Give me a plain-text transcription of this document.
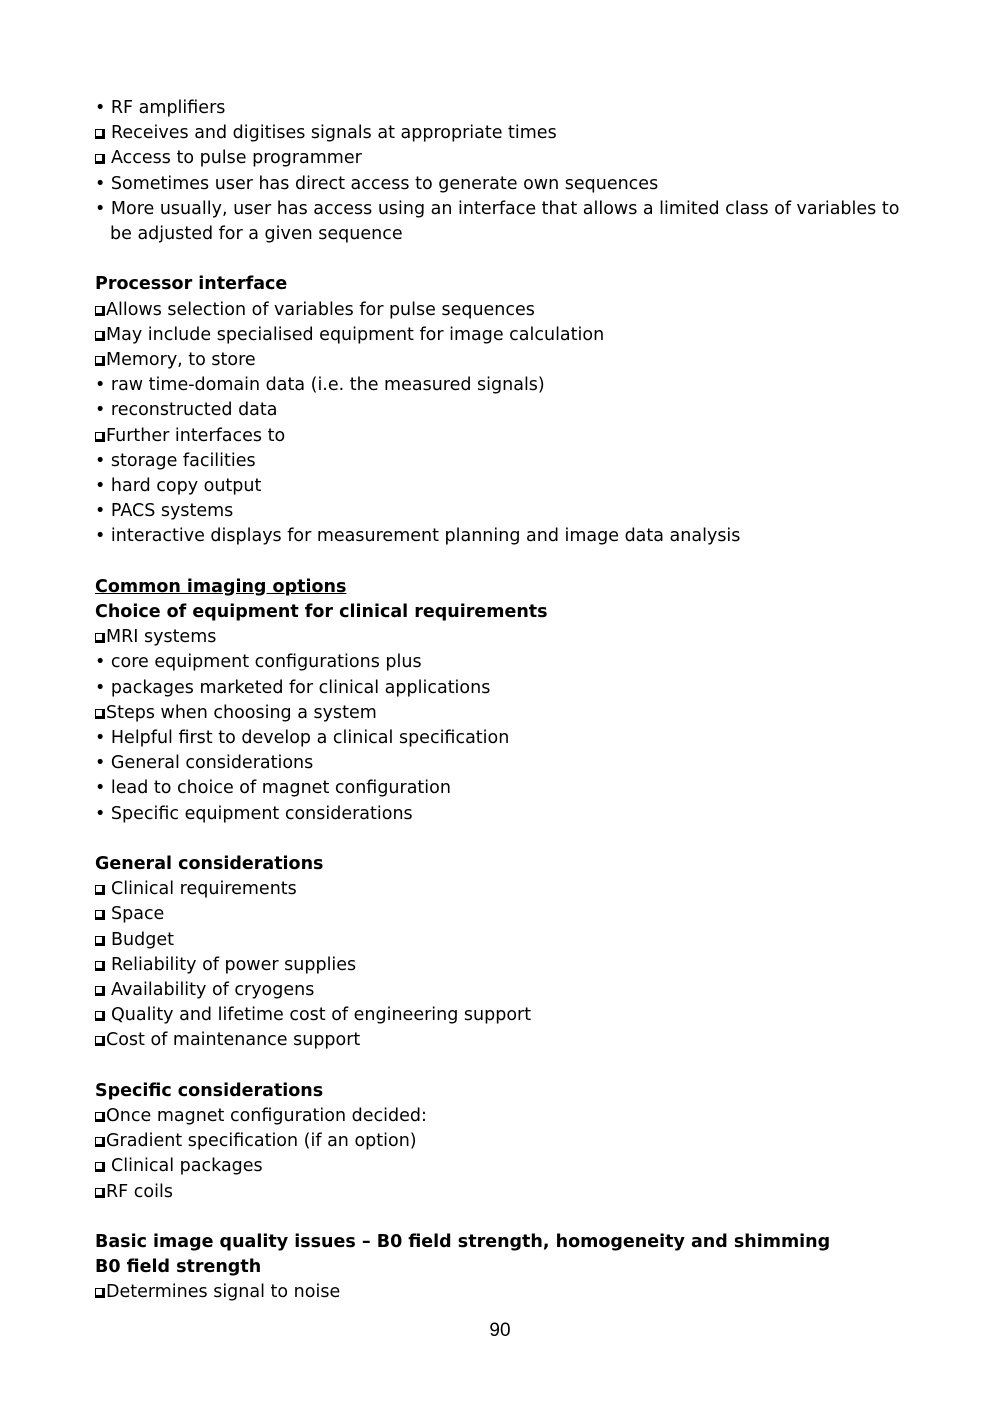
• RF amplifiers
Receives and digitises signals at appropriate times
Access to pulse programmer
• Sometimes user has direct access to generate own sequences
• More usually, user has access using an interface that allows a limited class of variables to be adjusted for a given sequence
Processor interface
Allows selection of variables for pulse sequences
May include specialised equipment for image calculation
Memory, to store
• raw time-domain data (i.e. the measured signals)
• reconstructed data
Further interfaces to
• storage facilities
• hard copy output
• PACS systems
• interactive displays for measurement planning and image data analysis
Common imaging options
Choice of equipment for clinical requirements
MRI systems
• core equipment configurations plus
• packages marketed for clinical applications
Steps when choosing a system
• Helpful first to develop a clinical specification
• General considerations
• lead to choice of magnet configuration
• Specific equipment considerations
General considerations
Clinical requirements
Space
Budget
Reliability of power supplies
Availability of cryogens
Quality and lifetime cost of engineering support
Cost of maintenance support
Specific considerations
Once magnet configuration decided:
Gradient specification (if an option)
Clinical packages
RF coils
Basic image quality issues – B0 field strength, homogeneity and shimming
B0 field strength
Determines signal to noise
90
